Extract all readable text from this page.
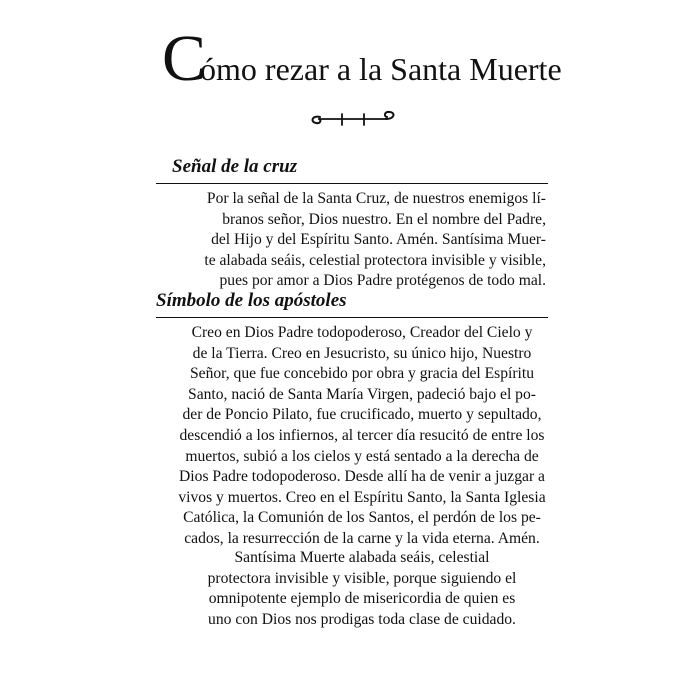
Cómo rezar a la Santa Muerte
Señal de la cruz
Por la señal de la Santa Cruz, de nuestros enemigos lí-
branos señor, Dios nuestro. En el nombre del Padre,
del Hijo y del Espíritu Santo. Amén. Santísima Muer-
te alabada seáis, celestial protectora invisible y visible,
pues por amor a Dios Padre protégenos de todo mal.
Símbolo de los apóstoles
Creo en Dios Padre todopoderoso, Creador del Cielo y
de la Tierra. Creo en Jesucristo, su único hijo, Nuestro
Señor, que fue concebido por obra y gracia del Espíritu
Santo, nació de Santa María Virgen, padeció bajo el po-
der de Poncio Pilato, fue crucificado, muerto y sepultado,
descendió a los infiernos, al tercer día resucitó de entre los
muertos, subió a los cielos y está sentado a la derecha de
Dios Padre todopoderoso. Desde allí ha de venir a juzgar a
vivos y muertos. Creo en el Espíritu Santo, la Santa Iglesia
Católica, la Comunión de los Santos, el perdón de los pe-
cados, la resurrección de la carne y la vida eterna. Amén.
Santísima Muerte alabada seáis, celestial
protectora invisible y visible, porque siguiendo el
omnipotente ejemplo de misericordia de quien es
uno con Dios nos prodigas toda clase de cuidado.
